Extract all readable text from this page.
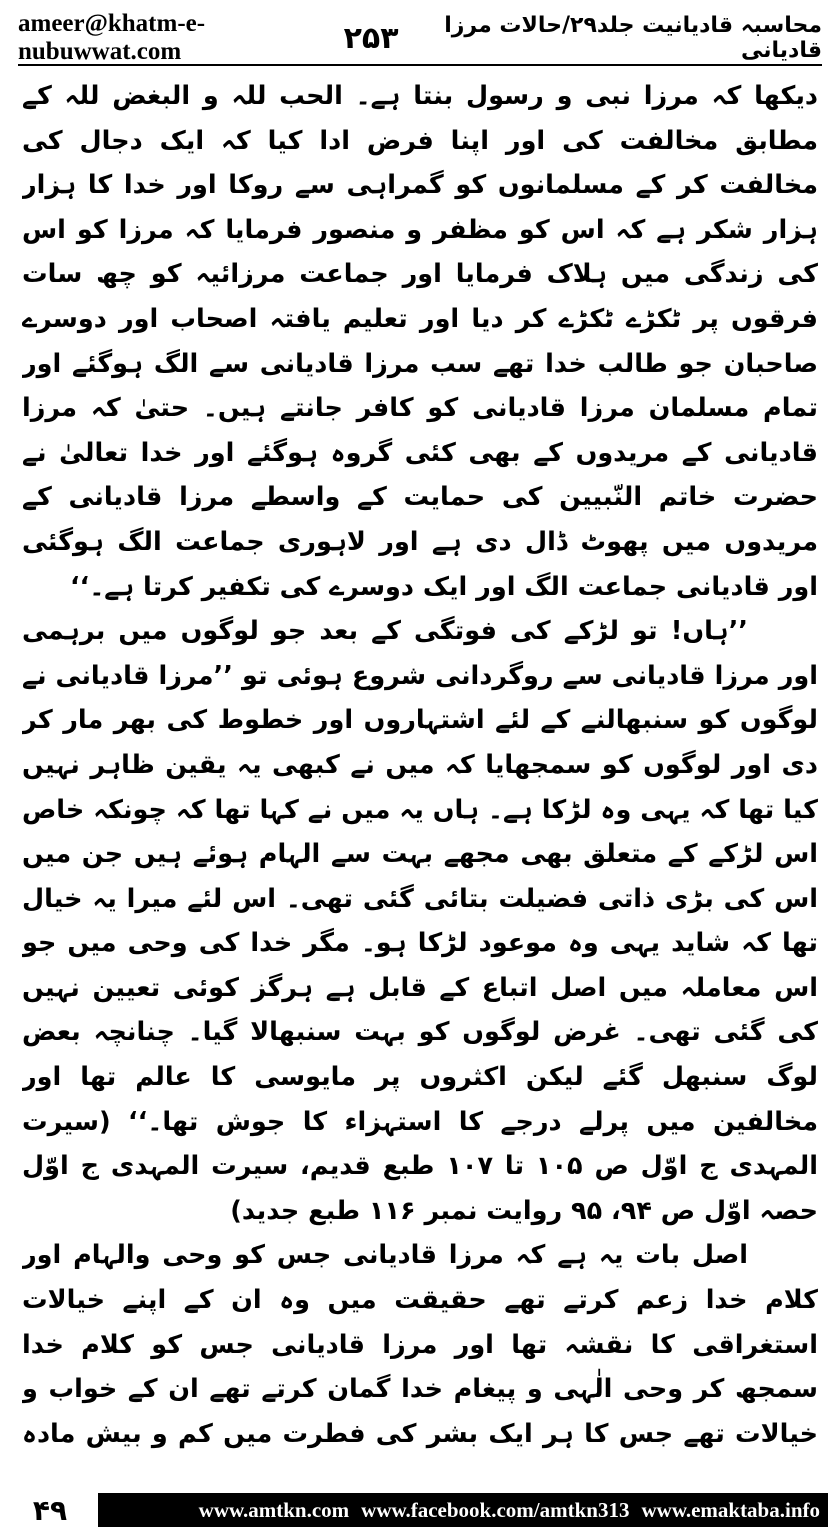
ameer@khatm-e-nubuwwat.com	۲۵۳	محاسبہ قادیانیت جلد۲۹/حالات مرزا قادیانی

دیکھا کہ مرزا نبی و رسول بنتا ہے۔ الحب للہ و البغض للہ کے مطابق مخالفت کی اور اپنا فرض ادا کیا کہ ایک دجال کی مخالفت کر کے مسلمانوں کو گمراہی سے روکا اور خدا کا ہزار ہزار شکر ہے کہ اس کو مظفر و منصور فرمایا کہ مرزا کو اس کی زندگی میں ہلاک فرمایا اور جماعت مرزائیہ کو چھ سات فرقوں پر ٹکڑے ٹکڑے کر دیا اور تعلیم یافتہ اصحاب اور دوسرے صاحبان جو طالب خدا تھے سب مرزا قادیانی سے الگ ہوگئے اور تمام مسلمان مرزا قادیانی کو کافر جانتے ہیں۔ حتیٰ کہ مرزا قادیانی کے مریدوں کے بھی کئی گروہ ہوگئے اور خدا تعالیٰ نے حضرت خاتم النّبیین کی حمایت کے واسطے مرزا قادیانی کے مریدوں میں پھوٹ ڈال دی ہے اور لاہوری جماعت الگ ہوگئی اور قادیانی جماعت الگ اور ایک دوسرے کی تکفیر کرتا ہے۔‘‘

’’ہاں! تو لڑکے کی فوتگی کے بعد جو لوگوں میں برہمی اور مرزا قادیانی سے روگردانی شروع ہوئی تو ’’مرزا قادیانی نے لوگوں کو سنبھالنے کے لئے اشتہاروں اور خطوط کی بھر مار کر دی اور لوگوں کو سمجھایا کہ میں نے کبھی یہ یقین ظاہر نہیں کیا تھا کہ یہی وہ لڑکا ہے۔ ہاں یہ میں نے کہا تھا کہ چونکہ خاص اس لڑکے کے متعلق بھی مجھے بہت سے الہام ہوئے ہیں جن میں اس کی بڑی ذاتی فضیلت بتائی گئی تھی۔ اس لئے میرا یہ خیال تھا کہ شاید یہی وہ موعود لڑکا ہو۔ مگر خدا کی وحی میں جو اس معاملہ میں اصل اتباع کے قابل ہے ہرگز کوئی تعیین نہیں کی گئی تھی۔ غرض لوگوں کو بہت سنبھالا گیا۔ چنانچہ بعض لوگ سنبھل گئے لیکن اکثروں پر مایوسی کا عالم تھا اور مخالفین میں پرلے درجے کا استہزاء کا جوش تھا۔‘‘ (سیرت المہدی ج اوّل ص ۱۰۵ تا ۱۰۷ طبع قدیم، سیرت المہدی ج اوّل حصہ اوّل ص ۹۴، ۹۵ روایت نمبر ۱۱۶ طبع جدید)

اصل بات یہ ہے کہ مرزا قادیانی جس کو وحی والہام اور کلام خدا زعم کرتے تھے حقیقت میں وہ ان کے اپنے خیالات استغراقی کا نقشہ تھا اور مرزا قادیانی جس کو کلام خدا سمجھ کر وحی الٰہی و پیغام خدا گمان کرتے تھے ان کے خواب و خیالات تھے جس کا ہر ایک بشر کی فطرت میں کم و بیش مادہ

۴۹	www.amtkn.com www.facebook.com/amtkn313 www.emaktaba.info
